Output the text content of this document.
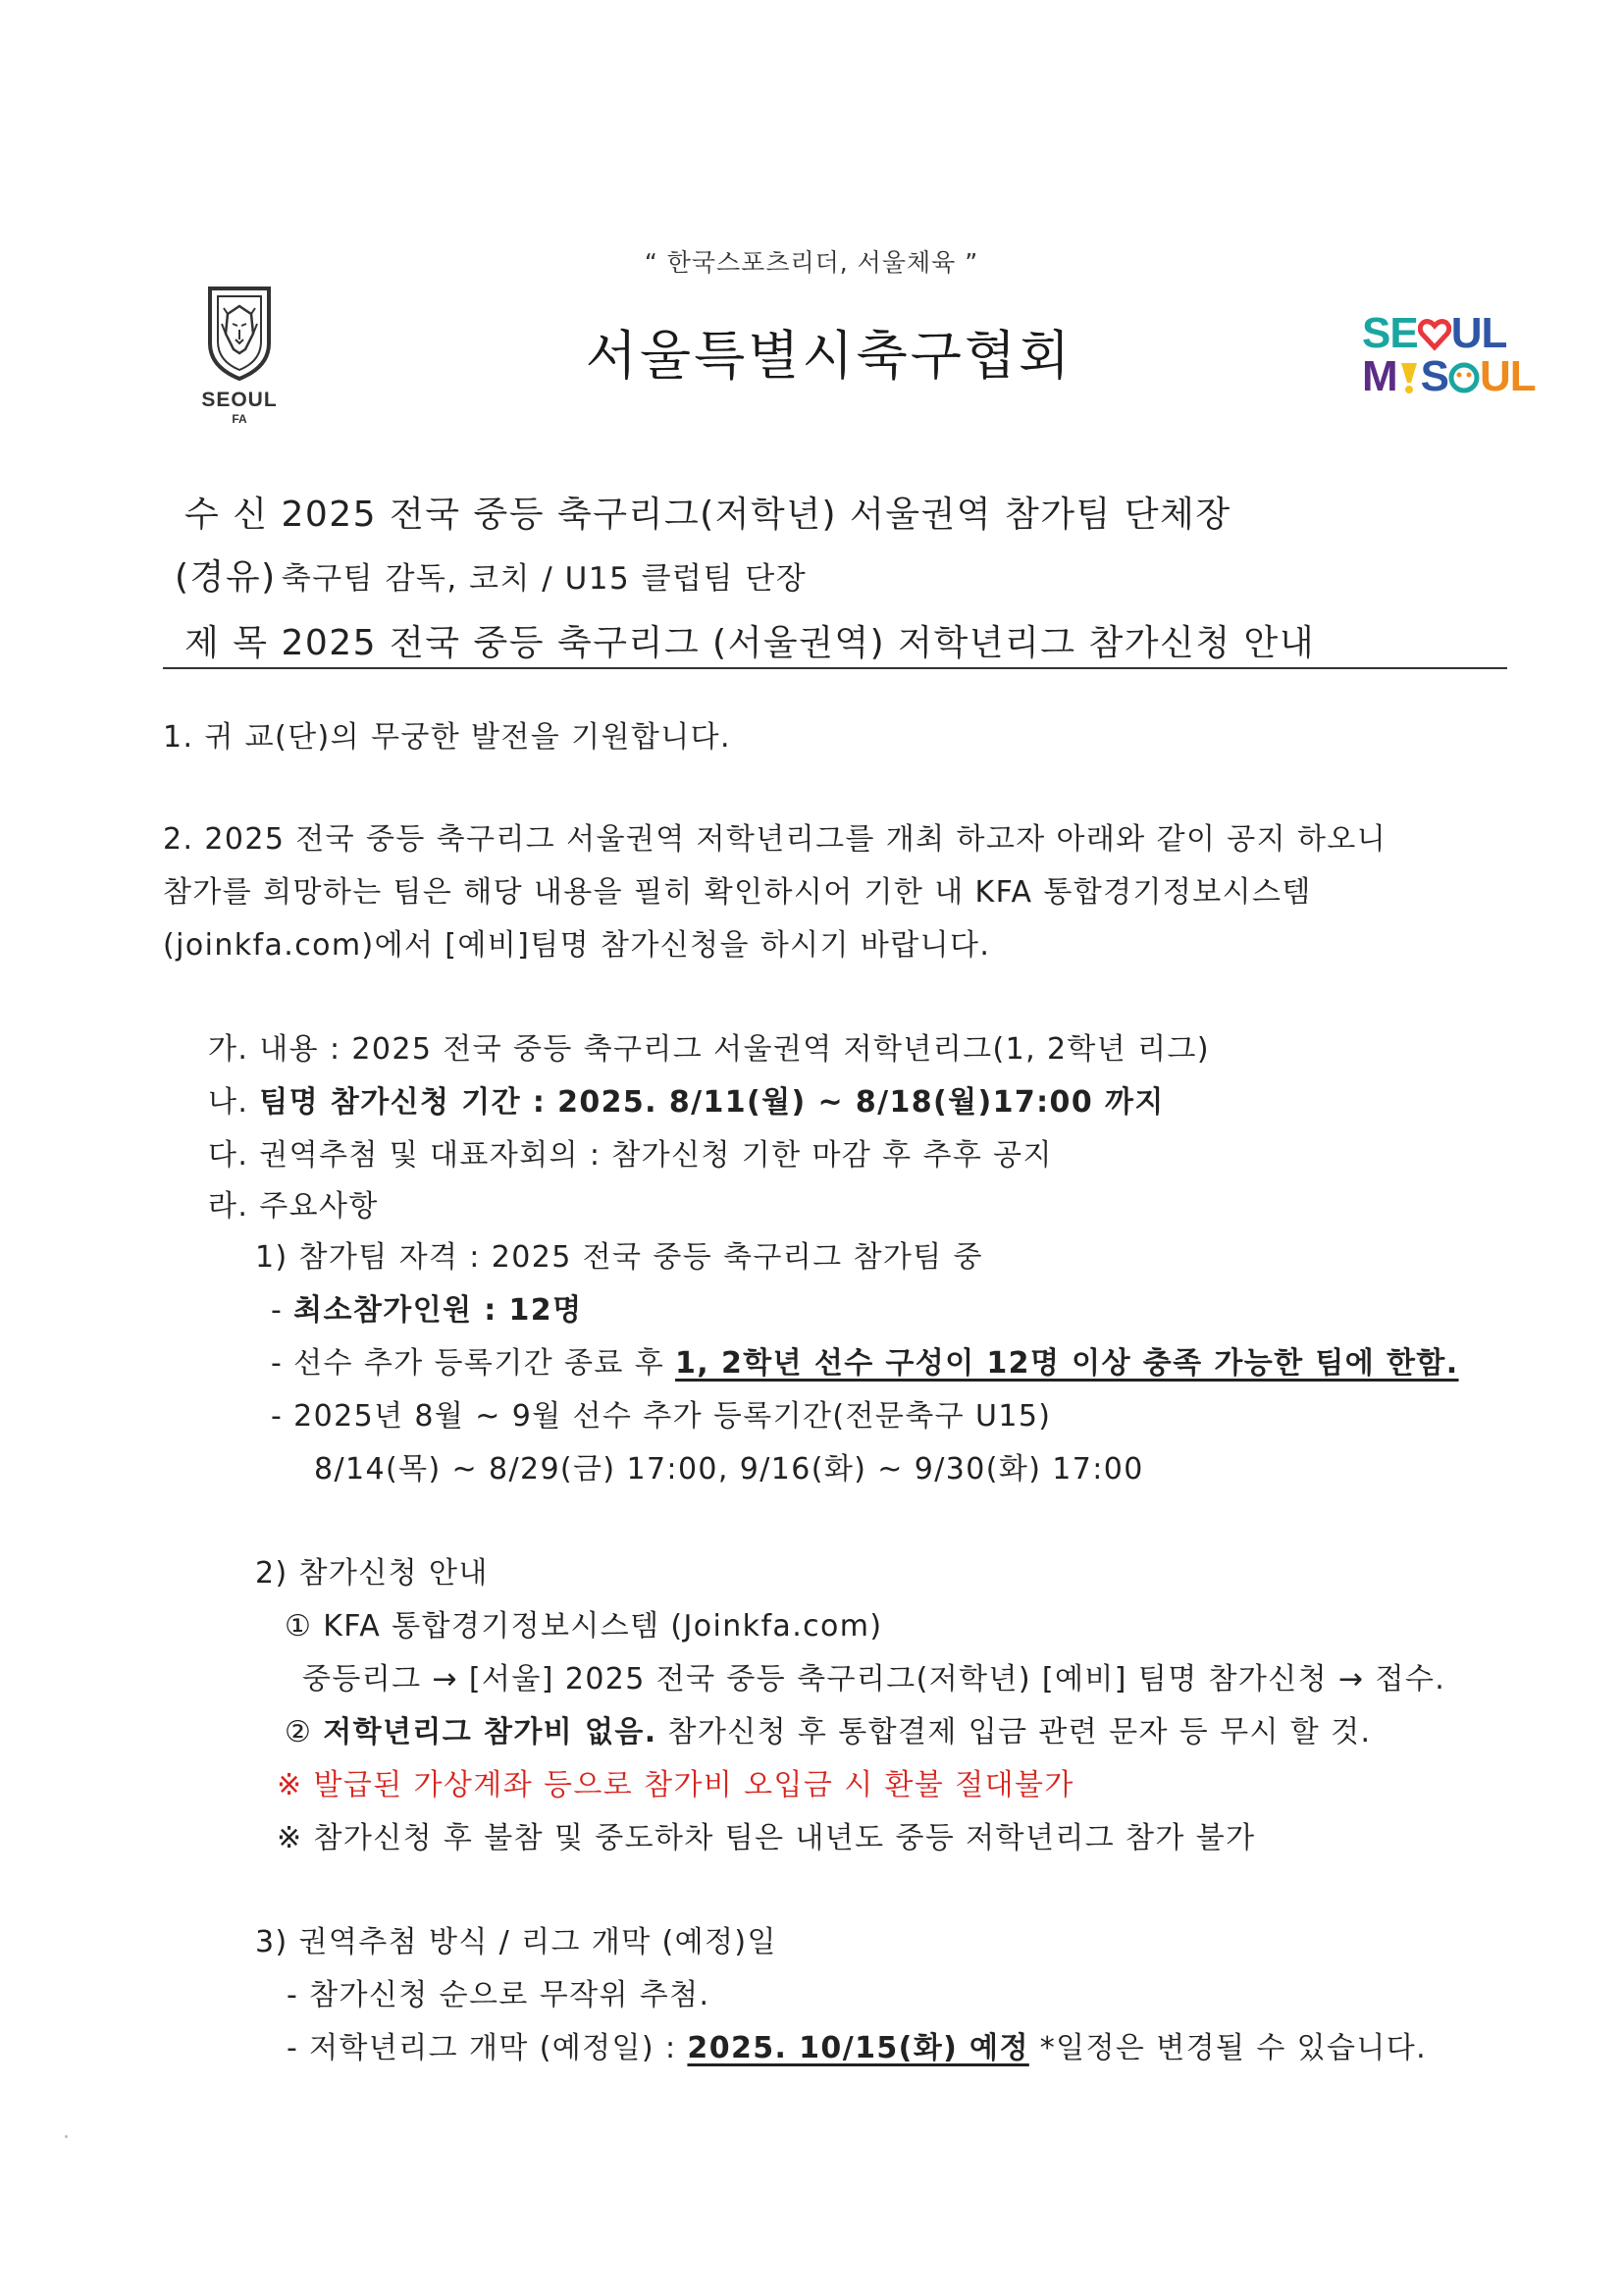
“ 한국스포츠리더, 서울체육 ”
SEOUL
FA
서울특별시축구협회	SE UL
M S UL
수 신 2025 전국 중등 축구리그(저학년) 서울권역 참가팀 단체장
(경유) 축구팀 감독, 코치 / U15 클럽팀 단장
제 목 2025 전국 중등 축구리그 (서울권역) 저학년리그 참가신청 안내
1. 귀 교(단)의 무궁한 발전을 기원합니다.
2. 2025 전국 중등 축구리그 서울권역 저학년리그를 개최 하고자 아래와 같이 공지 하오니
참가를 희망하는 팀은 해당 내용을 필히 확인하시어 기한 내 KFA 통합경기정보시스템
(joinkfa.com)에서 [예비]팀명 참가신청을 하시기 바랍니다.
가. 내용 : 2025 전국 중등 축구리그 서울권역 저학년리그(1, 2학년 리그)
나. 팀명 참가신청 기간 : 2025. 8/11(월) ~ 8/18(월)17:00 까지
다. 권역추첨 및 대표자회의 : 참가신청 기한 마감 후 추후 공지
라. 주요사항
1) 참가팀 자격 : 2025 전국 중등 축구리그 참가팀 중
- 최소참가인원 : 12명
- 선수 추가 등록기간 종료 후 1, 2학년 선수 구성이 12명 이상 충족 가능한 팀에 한함.
- 2025년 8월 ~ 9월 선수 추가 등록기간(전문축구 U15)
8/14(목) ~ 8/29(금) 17:00, 9/16(화) ~ 9/30(화) 17:00
2) 참가신청 안내
① KFA 통합경기정보시스템 (Joinkfa.com)
중등리그 → [서울] 2025 전국 중등 축구리그(저학년) [예비] 팀명 참가신청 → 접수.
② 저학년리그 참가비 없음. 참가신청 후 통합결제 입금 관련 문자 등 무시 할 것.
※ 발급된 가상계좌 등으로 참가비 오입금 시 환불 절대불가
※ 참가신청 후 불참 및 중도하차 팀은 내년도 중등 저학년리그 참가 불가
3) 권역추첨 방식 / 리그 개막 (예정)일
- 참가신청 순으로 무작위 추첨.
- 저학년리그 개막 (예정일) : 2025. 10/15(화) 예정 *일정은 변경될 수 있습니다.
